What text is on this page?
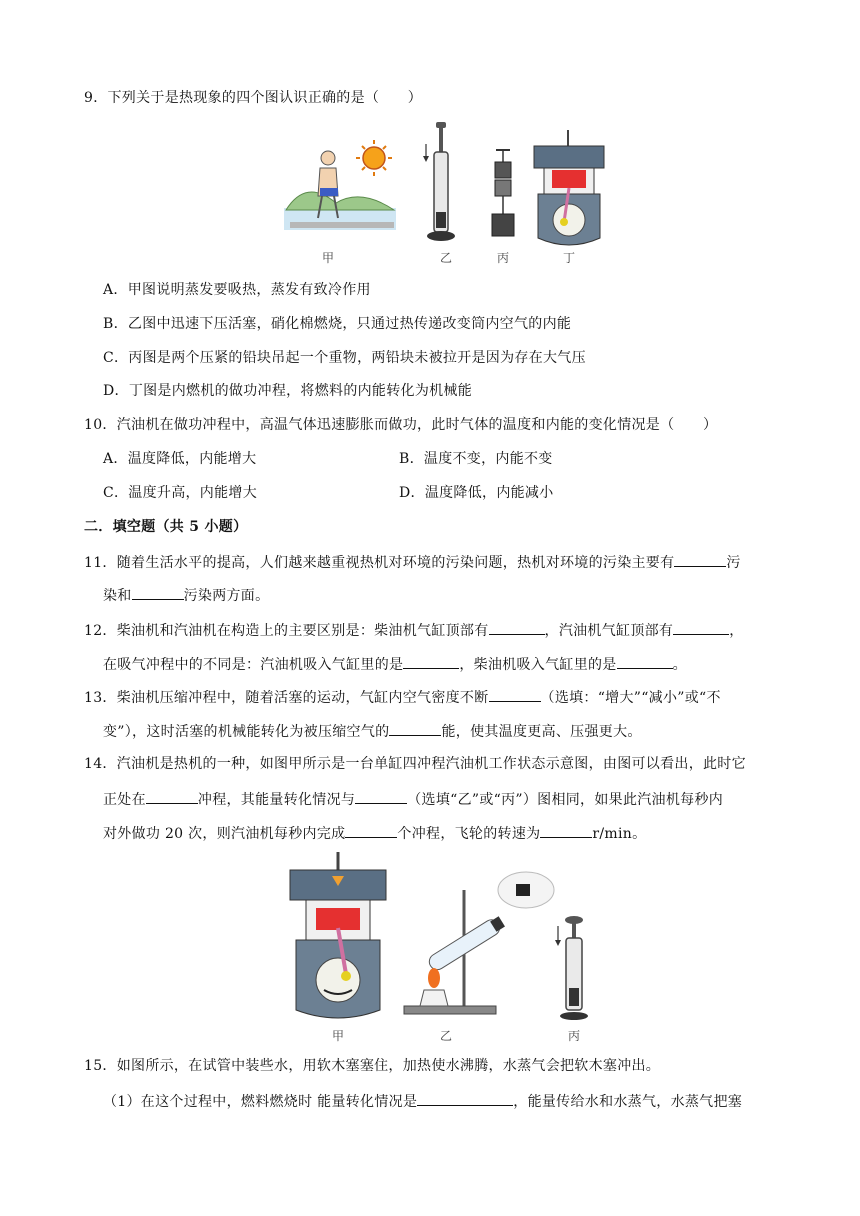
9．下列关于是热现象的四个图认识正确的是（　　）
甲	乙	丙	丁
A．甲图说明蒸发要吸热，蒸发有致冷作用
B．乙图中迅速下压活塞，硝化棉燃烧，只通过热传递改变筒内空气的内能
C．丙图是两个压紧的铅块吊起一个重物，两铅块未被拉开是因为存在大气压
D．丁图是内燃机的做功冲程，将燃料的内能转化为机械能
10．汽油机在做功冲程中，高温气体迅速膨胀而做功，此时气体的温度和内能的变化情况是（　　）
A．温度降低，内能增大	B．温度不变，内能不变
C．温度升高，内能增大	D．温度降低，内能减小
二．填空题（共 5 小题）
11．随着生活水平的提高，人们越来越重视热机对环境的污染问题，热机对环境的污染主要有	污
染和	污染两方面。
12．柴油机和汽油机在构造上的主要区别是：柴油机气缸顶部有	，汽油机气缸顶部有	，
在吸气冲程中的不同是：汽油机吸入气缸里的是	，柴油机吸入气缸里的是	。
13．柴油机压缩冲程中，随着活塞的运动，气缸内空气密度不断	（选填：“增大”“减小”或“不
变”），这时活塞的机械能转化为被压缩空气的	能，使其温度更高、压强更大。
14．汽油机是热机的一种，如图甲所示是一台单缸四冲程汽油机工作状态示意图，由图可以看出，此时它
正处在	冲程，其能量转化情况与	（选填“乙”或“丙”）图相同，如果此汽油机每秒内
对外做功 20 次，则汽油机每秒内完成	个冲程，飞轮的转速为	r/min。
甲	乙	丙
15．如图所示，在试管中装些水，用软木塞塞住，加热使水沸腾，水蒸气会把软木塞冲出。
（1）在这个过程中，燃料燃烧时 能量转化情况是	，能量传给水和水蒸气，水蒸气把塞
